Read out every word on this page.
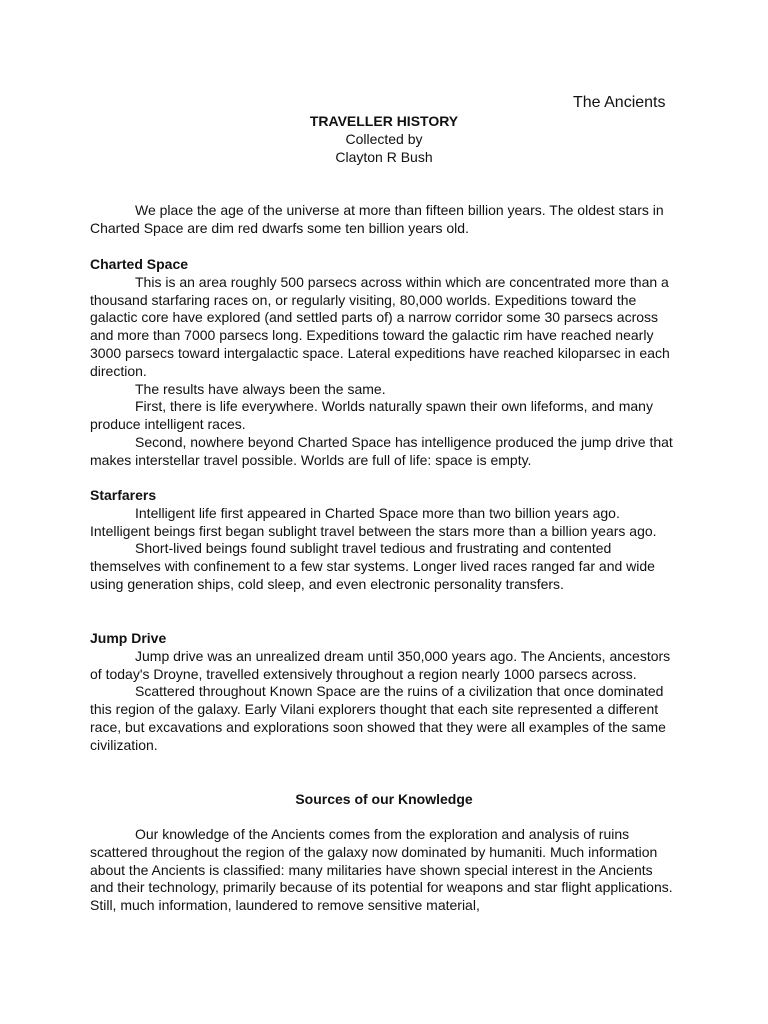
The Ancients
TRAVELLER HISTORY
Collected by
Clayton R Bush

We place the age of the universe at more than fifteen billion years. The oldest stars in Charted Space are dim red dwarfs some ten billion years old.

Charted Space

This is an area roughly 500 parsecs across within which are concentrated more than a thousand starfaring races on, or regularly visiting, 80,000 worlds. Expeditions toward the galactic core have explored (and settled parts of) a narrow corridor some 30 parsecs across and more than 7000 parsecs long. Expeditions toward the galactic rim have reached nearly 3000 parsecs toward intergalactic space. Lateral expeditions have reached kiloparsec in each direction.

The results have always been the same.

First, there is life everywhere. Worlds naturally spawn their own lifeforms, and many produce intelligent races.

Second, nowhere beyond Charted Space has intelligence produced the jump drive that makes interstellar travel possible. Worlds are full of life: space is empty.

Starfarers

Intelligent life first appeared in Charted Space more than two billion years ago. Intelligent beings first began sublight travel between the stars more than a billion years ago.

Short-lived beings found sublight travel tedious and frustrating and contented themselves with confinement to a few star systems. Longer lived races ranged far and wide using generation ships, cold sleep, and even electronic personality transfers.

Jump Drive

Jump drive was an unrealized dream until 350,000 years ago. The Ancients, ancestors of today's Droyne, travelled extensively throughout a region nearly 1000 parsecs across.

Scattered throughout Known Space are the ruins of a civilization that once dominated this region of the galaxy. Early Vilani explorers thought that each site represented a different race, but excavations and explorations soon showed that they were all examples of the same civilization.

Sources of our Knowledge

Our knowledge of the Ancients comes from the exploration and analysis of ruins scattered throughout the region of the galaxy now dominated by humaniti. Much information about the Ancients is classified: many militaries have shown special interest in the Ancients and their technology, primarily because of its potential for weapons and star flight applications. Still, much information, laundered to remove sensitive material,
